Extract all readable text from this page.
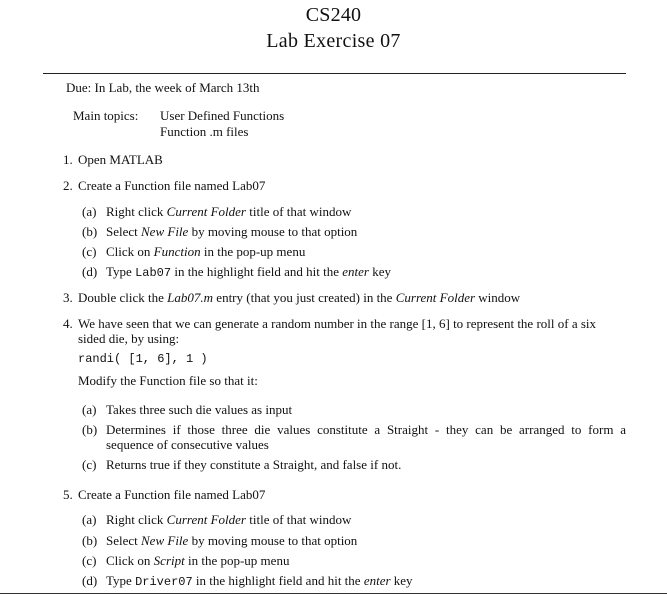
CS240
Lab Exercise 07
Due: In Lab, the week of March 13th
Main topics: User Defined Functions
Function .m files
1. Open MATLAB
2. Create a Function file named Lab07
(a) Right click Current Folder title of that window
(b) Select New File by moving mouse to that option
(c) Click on Function in the pop-up menu
(d) Type Lab07 in the highlight field and hit the enter key
3. Double click the Lab07.m entry (that you just created) in the Current Folder window
4. We have seen that we can generate a random number in the range [1, 6] to represent the roll of a six
sided die, by using:
randi( [1, 6], 1 )
Modify the Function file so that it:
(a) Takes three such die values as input
(b) Determines if those three die values constitute a Straight - they can be arranged to form a
sequence of consecutive values
(c) Returns true if they constitute a Straight, and false if not.
5. Create a Function file named Lab07
(a) Right click Current Folder title of that window
(b) Select New File by moving mouse to that option
(c) Click on Script in the pop-up menu
(d) Type Driver07 in the highlight field and hit the enter key
